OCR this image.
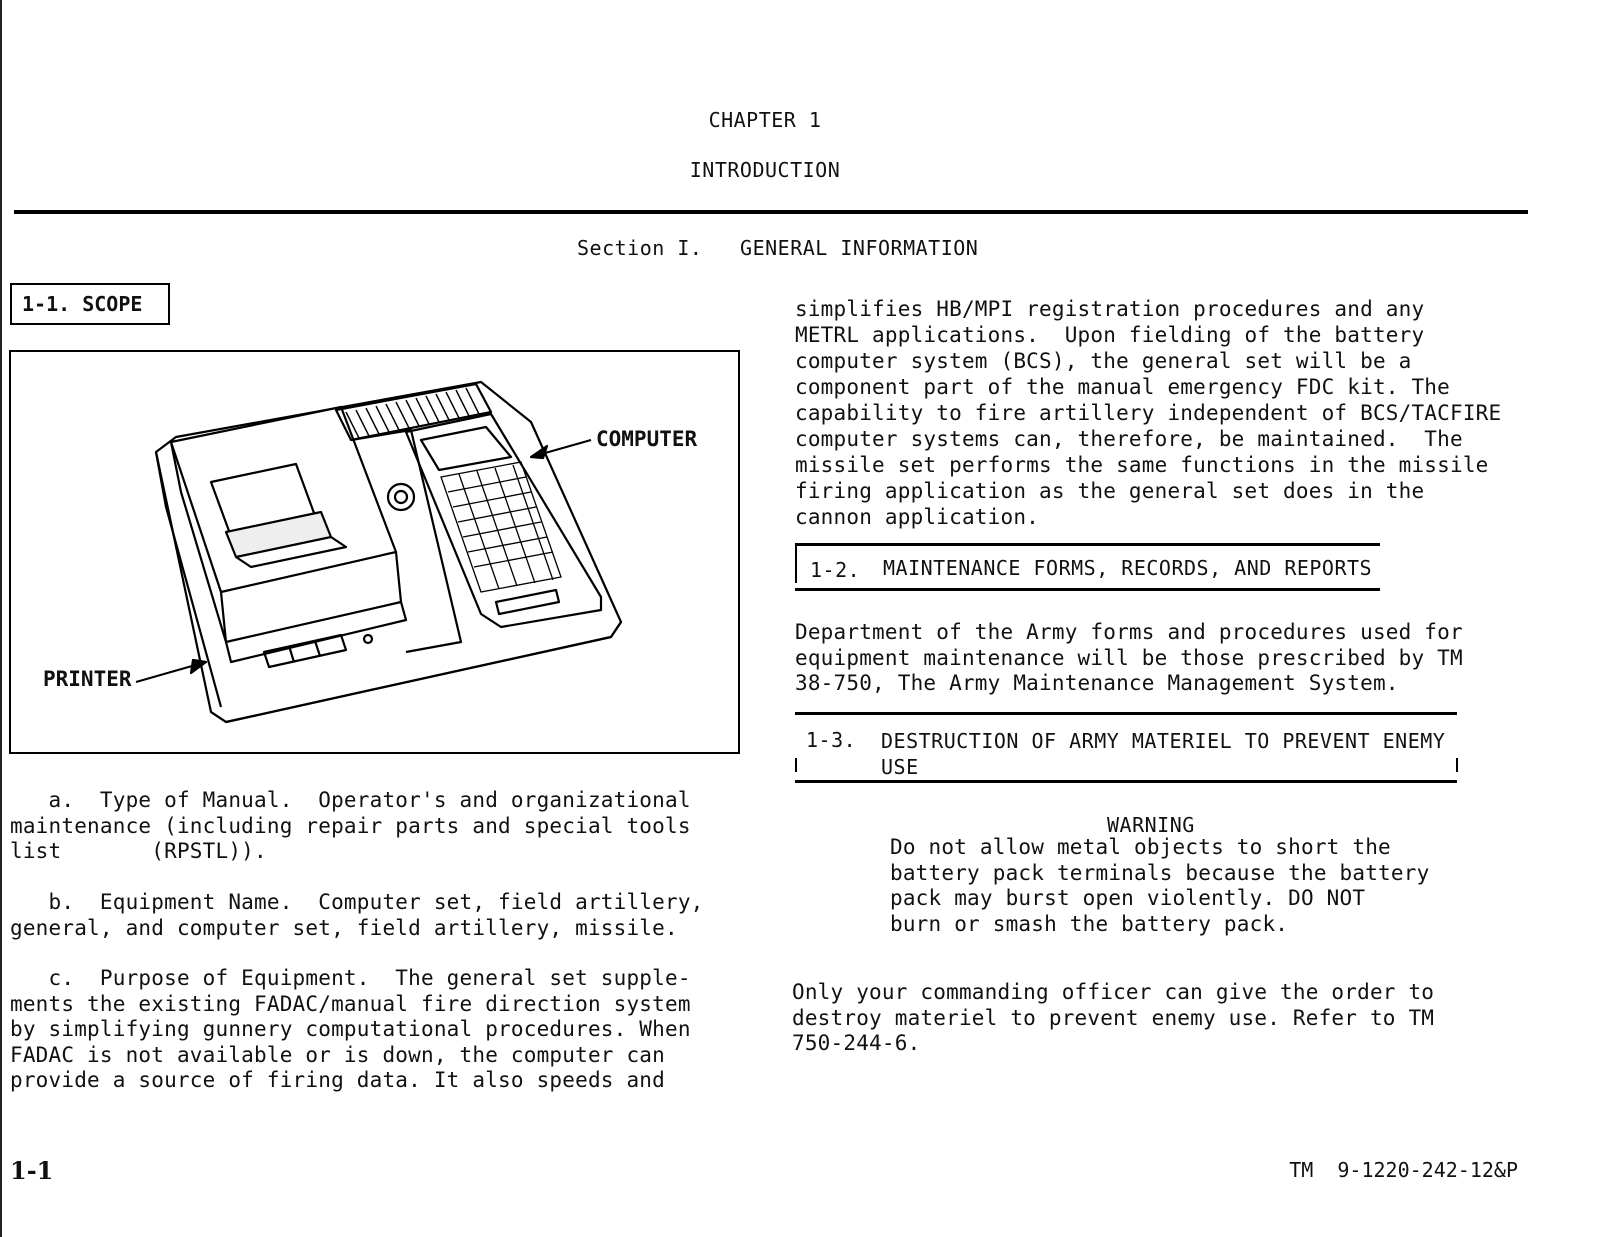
CHAPTER 1
INTRODUCTION
Section I.   GENERAL INFORMATION
1-1. SCOPE
COMPUTER
PRINTER
a.  Type of Manual.  Operator's and organizational
maintenance (including repair parts and special tools
list       (RPSTL)).
b.  Equipment Name.  Computer set, field artillery,
general, and computer set, field artillery, missile.
c.  Purpose of Equipment.  The general set supple-
ments the existing FADAC/manual fire direction system
by simplifying gunnery computational procedures. When
FADAC is not available or is down, the computer can
provide a source of firing data. It also speeds and
simplifies HB/MPI registration procedures and any
METRL applications.  Upon fielding of the battery
computer system (BCS), the general set will be a
component part of the manual emergency FDC kit. The
capability to fire artillery independent of BCS/TACFIRE
computer systems can, therefore, be maintained.  The
missile set performs the same functions in the missile
firing application as the general set does in the
cannon application.
1-2. MAINTENANCE FORMS, RECORDS, AND REPORTS
Department of the Army forms and procedures used for
equipment maintenance will be those prescribed by TM
38-750, The Army Maintenance Management System.
1-3. DESTRUCTION OF ARMY MATERIEL TO PREVENT ENEMY
USE
WARNING
Do not allow metal objects to short the
battery pack terminals because the battery
pack may burst open violently. DO NOT
burn or smash the battery pack.
Only your commanding officer can give the order to
destroy materiel to prevent enemy use. Refer to TM
750-244-6.
1-1	TM  9-1220-242-12&P
